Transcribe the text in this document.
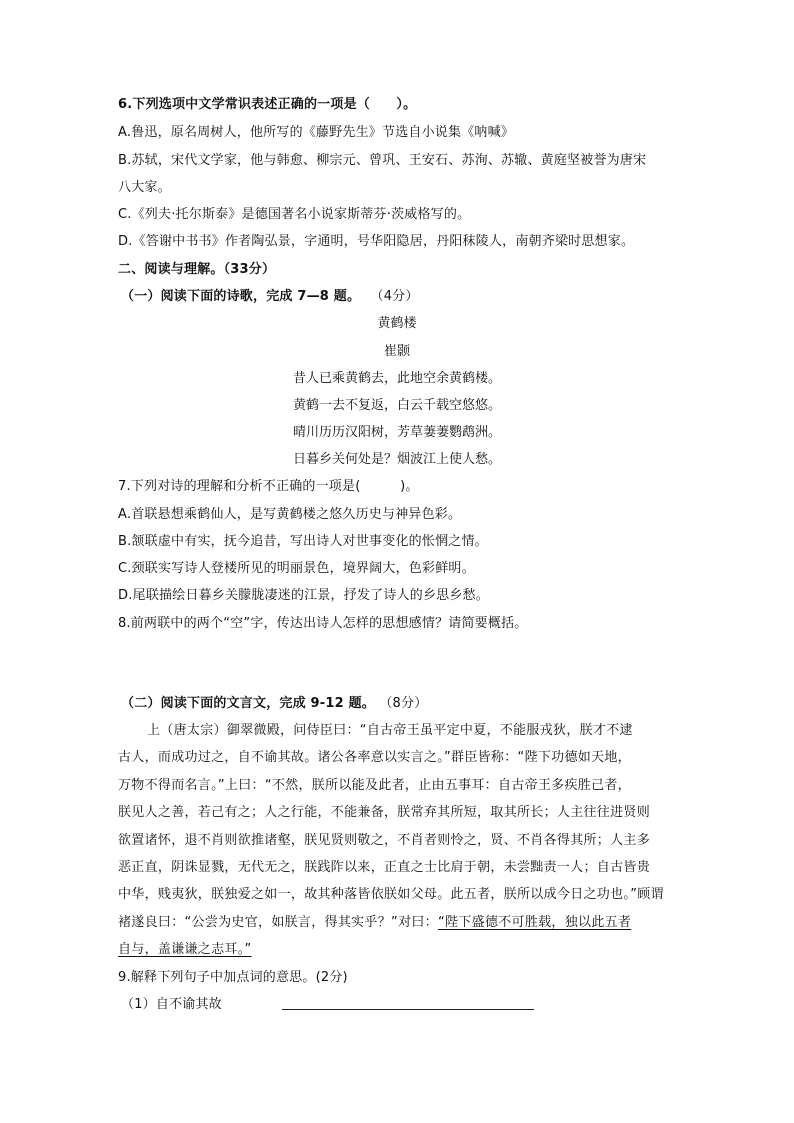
6.下列选项中文学常识表述正确的一项是（　　）。
A.鲁迅，原名周树人，他所写的《藤野先生》节选自小说集《呐喊》
B.苏轼，宋代文学家，他与韩愈、柳宗元、曾巩、王安石、苏洵、苏辙、黄庭坚被誉为唐宋
八大家。
C.《列夫·托尔斯泰》是德国著名小说家斯蒂芬·茨威格写的。
D.《答谢中书书》作者陶弘景，字通明，号华阳隐居，丹阳秣陵人，南朝齐梁时思想家。
二、阅读与理解。（33分）
（一）阅读下面的诗歌，完成 7—8 题。 （4分）
黄鹤楼
崔颢
昔人已乘黄鹤去，此地空余黄鹤楼。
黄鹤一去不复返，白云千载空悠悠。
晴川历历汉阳树，芳草萋萋鹦鹉洲。
日暮乡关何处是？烟波江上使人愁。
7.下列对诗的理解和分析不正确的一项是(　　　)。
A.首联悬想乘鹤仙人，是写黄鹤楼之悠久历史与神异色彩。
B.颔联虚中有实，抚今追昔，写出诗人对世事变化的怅惘之情。
C.颈联实写诗人登楼所见的明丽景色，境界阔大，色彩鲜明。
D.尾联描绘日暮乡关朦胧凄迷的江景，抒发了诗人的乡思乡愁。
8.前两联中的两个“空”字，传达出诗人怎样的思想感情？请简要概括。
（二）阅读下面的文言文，完成 9-12 题。 （8分）
上（唐太宗）御翠微殿，问侍臣曰：“自古帝王虽平定中夏，不能服戎狄，朕才不逮
古人，而成功过之，自不谕其故。诸公各率意以实言之。”群臣皆称：“陛下功德如天地，
万物不得而名言。”上曰：“不然，朕所以能及此者，止由五事耳：自古帝王多疾胜己者，
朕见人之善，若己有之；人之行能，不能兼备，朕常弃其所短，取其所长；人主往往进贤则
欲置诸怀，退不肖则欲推诸壑，朕见贤则敬之，不肖者则怜之，贤、不肖各得其所；人主多
恶正直，阴诛显戮，无代无之，朕践阼以来，正直之士比肩于朝，未尝黜责一人；自古皆贵
中华，贱夷狄，朕独爱之如一，故其种落皆依朕如父母。此五者，朕所以成今日之功也。”顾谓
褚遂良曰：“公尝为史官，如朕言，得其实乎？”对曰：“陛下盛德不可胜载，独以此五者
自与，盖谦谦之志耳。”
9.解释下列句子中加点词的意思。(2分)
（1）自不谕其故
